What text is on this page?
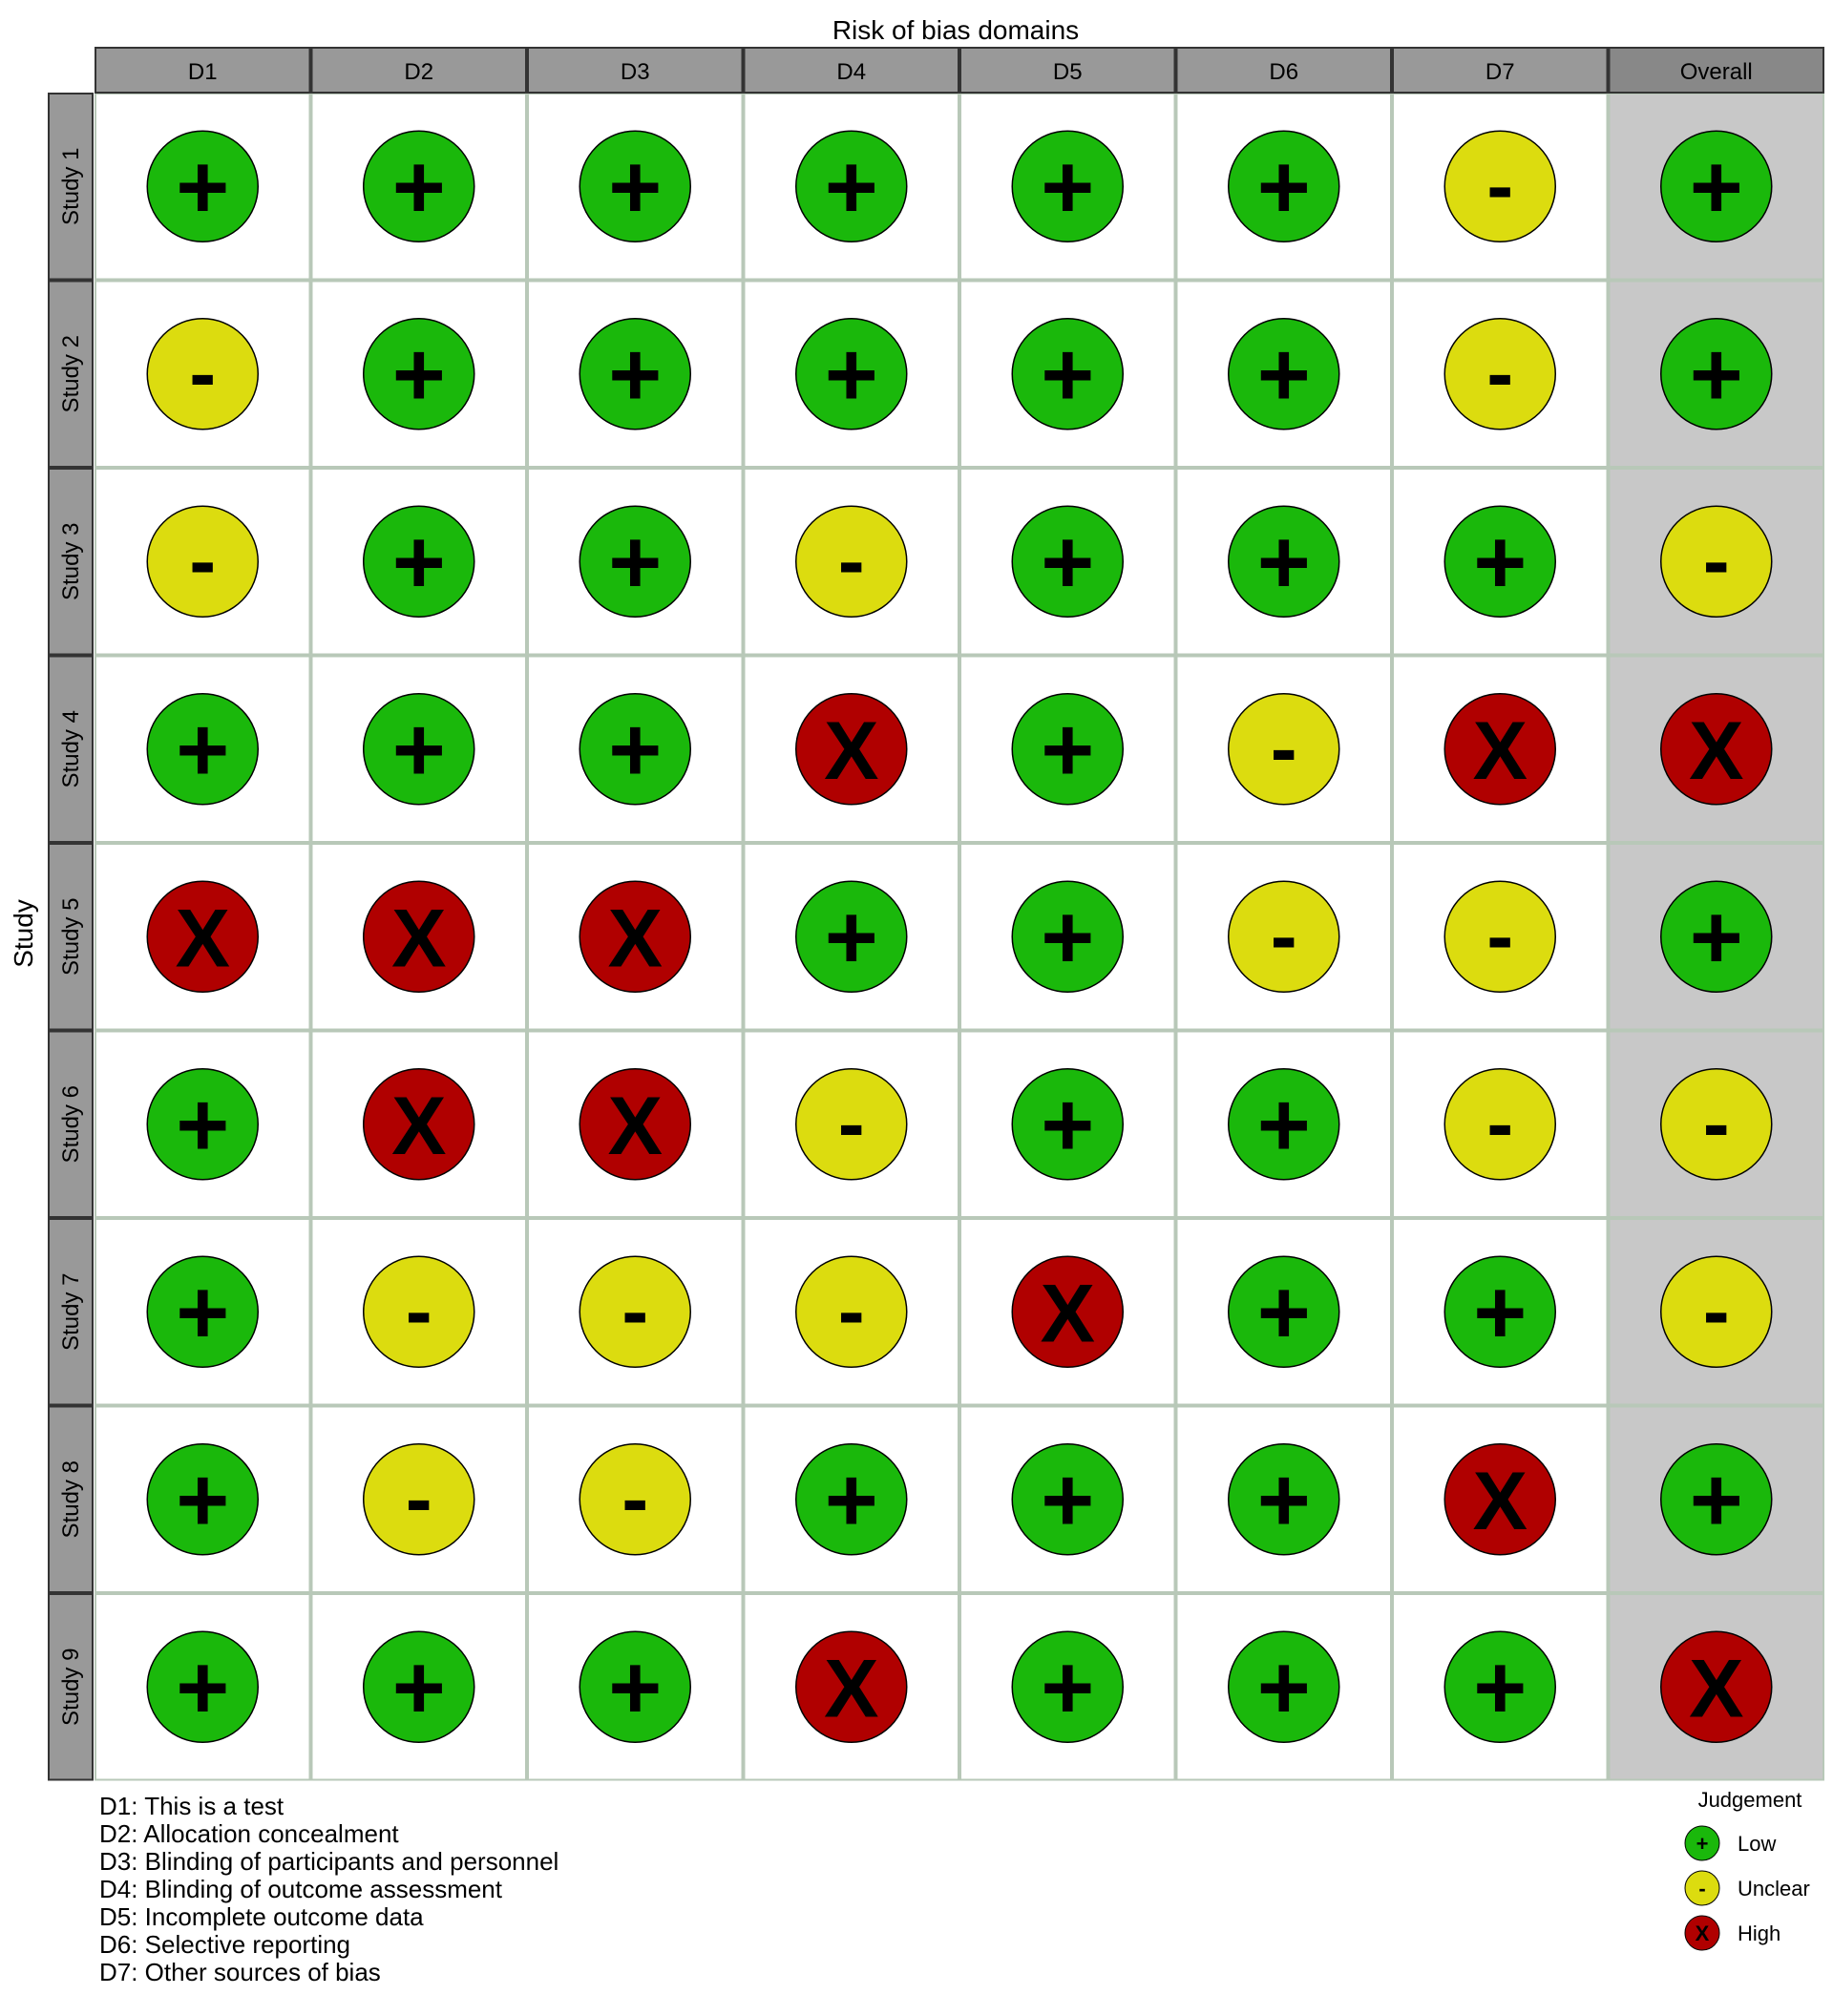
Risk of bias domains
Study
D1	D2	D3	D4	D5	D6	D7	Overall
Study 1
Study 2
Study 3
Study 4
Study 5
Study 6
Study 7
Study 8
Study 9
+ + + + + + - +
- + + + + + - +
- + + - + + + -
+ + + X + - X X
X X X + + - - +
+ X X - + + - -
+ - - - X + + -
+ - - + + + X +
+ + + X + + + X
Judgement
+ Low
- Unclear
X High
D1: This is a test
D2: Allocation concealment
D3: Blinding of participants and personnel
D4: Blinding of outcome assessment
D5: Incomplete outcome data
D6: Selective reporting
D7: Other sources of bias
